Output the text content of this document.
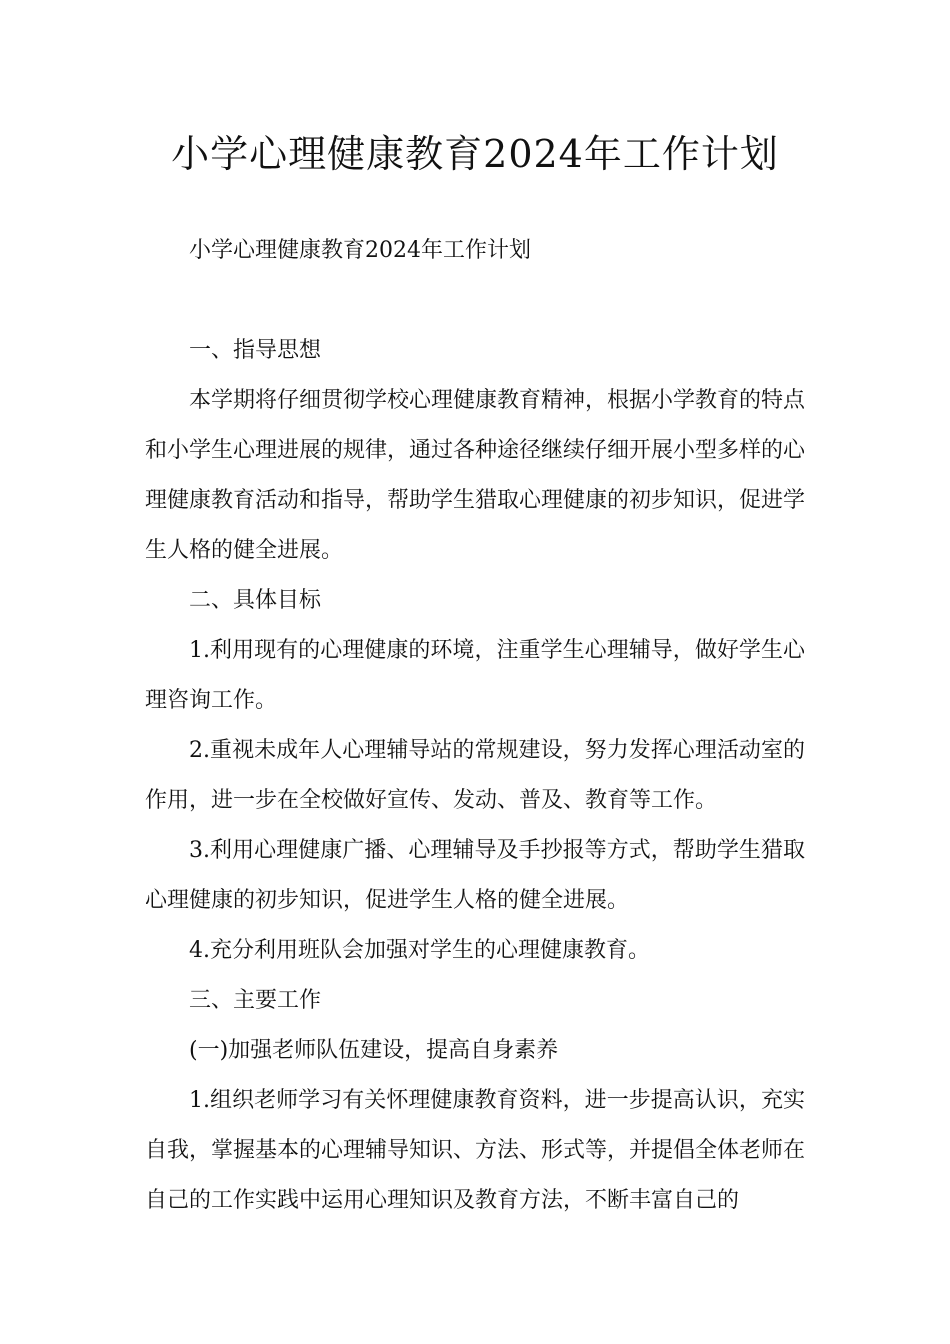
小学心理健康教育2024年工作计划

小学心理健康教育2024年工作计划

一、指导思想

本学期将仔细贯彻学校心理健康教育精神，根据小学教育的特点和小学生心理进展的规律，通过各种途径继续仔细开展小型多样的心理健康教育活动和指导，帮助学生猎取心理健康的初步知识，促进学生人格的健全进展。

二、具体目标

1.利用现有的心理健康的环境，注重学生心理辅导，做好学生心理咨询工作。

2.重视未成年人心理辅导站的常规建设，努力发挥心理活动室的作用，进一步在全校做好宣传、发动、普及、教育等工作。

3.利用心理健康广播、心理辅导及手抄报等方式，帮助学生猎取心理健康的初步知识，促进学生人格的健全进展。

4.充分利用班队会加强对学生的心理健康教育。

三、主要工作

(一)加强老师队伍建设，提高自身素养

1.组织老师学习有关怀理健康教育资料，进一步提高认识，充实自我，掌握基本的心理辅导知识、方法、形式等，并提倡全体老师在自己的工作实践中运用心理知识及教育方法，不断丰富自己的
